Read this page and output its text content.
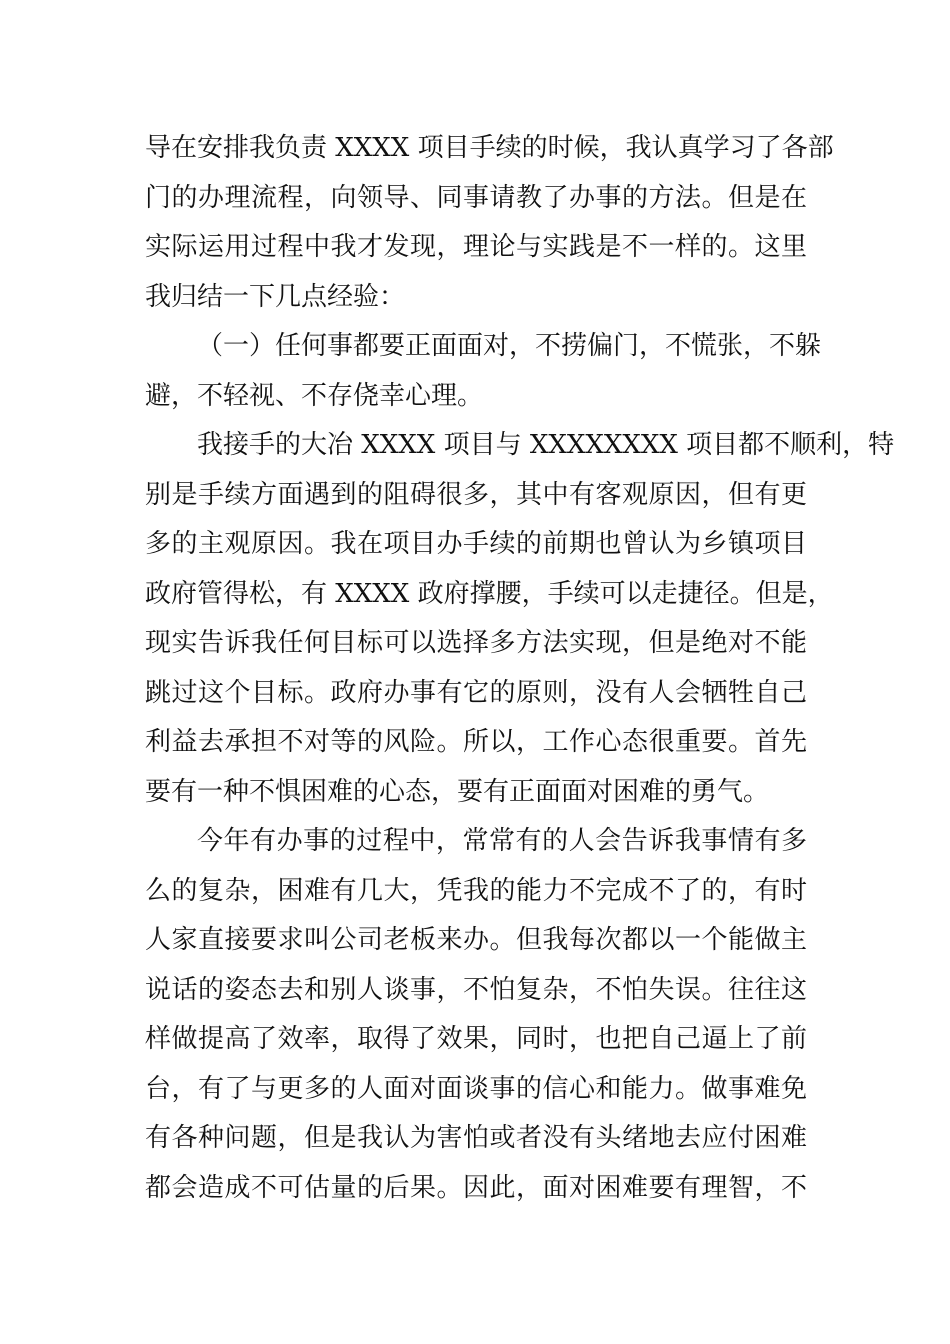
导在安排我负责 XXXX 项目手续的时候，我认真学习了各部
门的办理流程，向领导、同事请教了办事的方法。但是在
实际运用过程中我才发现，理论与实践是不一样的。这里
我归结一下几点经验：
（一）任何事都要正面面对，不捞偏门，不慌张，不躲
避，不轻视、不存侥幸心理。
我接手的大冶 XXXX 项目与 XXXXXXXX 项目都不顺利，特
别是手续方面遇到的阻碍很多，其中有客观原因，但有更
多的主观原因。我在项目办手续的前期也曾认为乡镇项目
政府管得松，有 XXXX 政府撑腰，手续可以走捷径。但是，
现实告诉我任何目标可以选择多方法实现，但是绝对不能
跳过这个目标。政府办事有它的原则，没有人会牺牲自己
利益去承担不对等的风险。所以，工作心态很重要。首先
要有一种不惧困难的心态，要有正面面对困难的勇气。
今年有办事的过程中，常常有的人会告诉我事情有多
么的复杂，困难有几大，凭我的能力不完成不了的，有时
人家直接要求叫公司老板来办。但我每次都以一个能做主
说话的姿态去和别人谈事，不怕复杂，不怕失误。往往这
样做提高了效率，取得了效果，同时，也把自己逼上了前
台，有了与更多的人面对面谈事的信心和能力。做事难免
有各种问题，但是我认为害怕或者没有头绪地去应付困难
都会造成不可估量的后果。因此，面对困难要有理智，不
